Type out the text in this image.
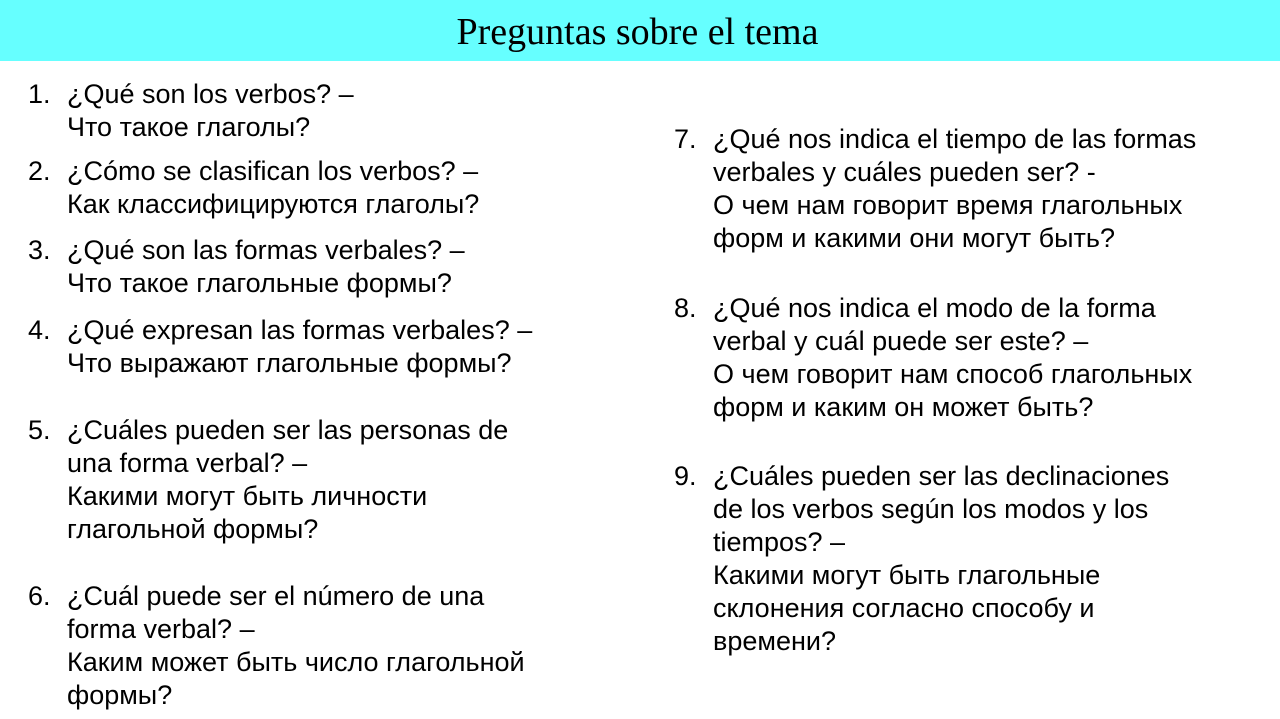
Preguntas sobre el tema
1. ¿Qué son los verbos? –
Что такое глаголы?
2. ¿Cómo se clasifican los verbos? –
Как классифицируются глаголы?
3. ¿Qué son las formas verbales? –
Что такое глагольные формы?
4. ¿Qué expresan las formas verbales? –
Что выражают глагольные формы?
5. ¿Cuáles pueden ser las personas de
una forma verbal? –
Какими могут быть личности
глагольной формы?
6. ¿Cuál puede ser el número de una
forma verbal? –
Каким может быть число глагольной
формы?
7. ¿Qué nos indica el tiempo de las formas
verbales y cuáles pueden ser? -
О чем нам говорит время глагольных
форм и какими они могут быть?
8. ¿Qué nos indica el modo de la forma
verbal y cuál puede ser este? –
О чем говорит нам способ глагольных
форм и каким он может быть?
9. ¿Cuáles pueden ser las declinaciones
de los verbos según los modos y los
tiempos? –
Какими могут быть глагольные
склонения согласно способу и
времени?
